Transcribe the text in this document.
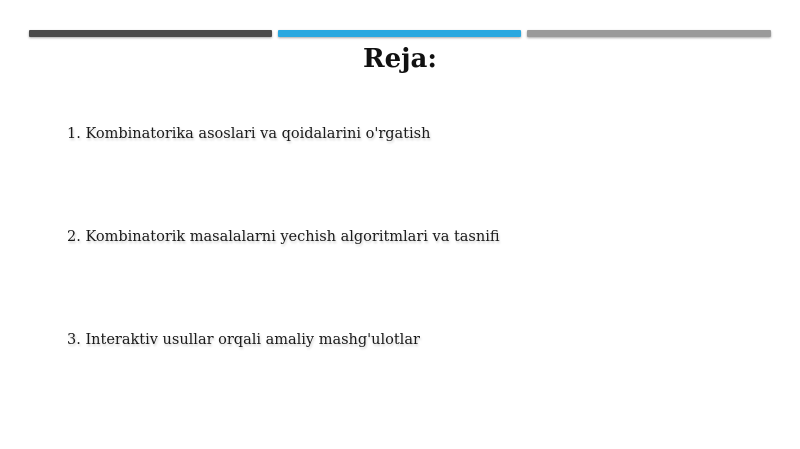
Reja:
1. Kombinatorika asoslari va qoidalarini o'rgatish
2. Kombinatorik masalalarni yechish algoritmlari va tasnifi
3. Interaktiv usullar orqali amaliy mashg'ulotlar
